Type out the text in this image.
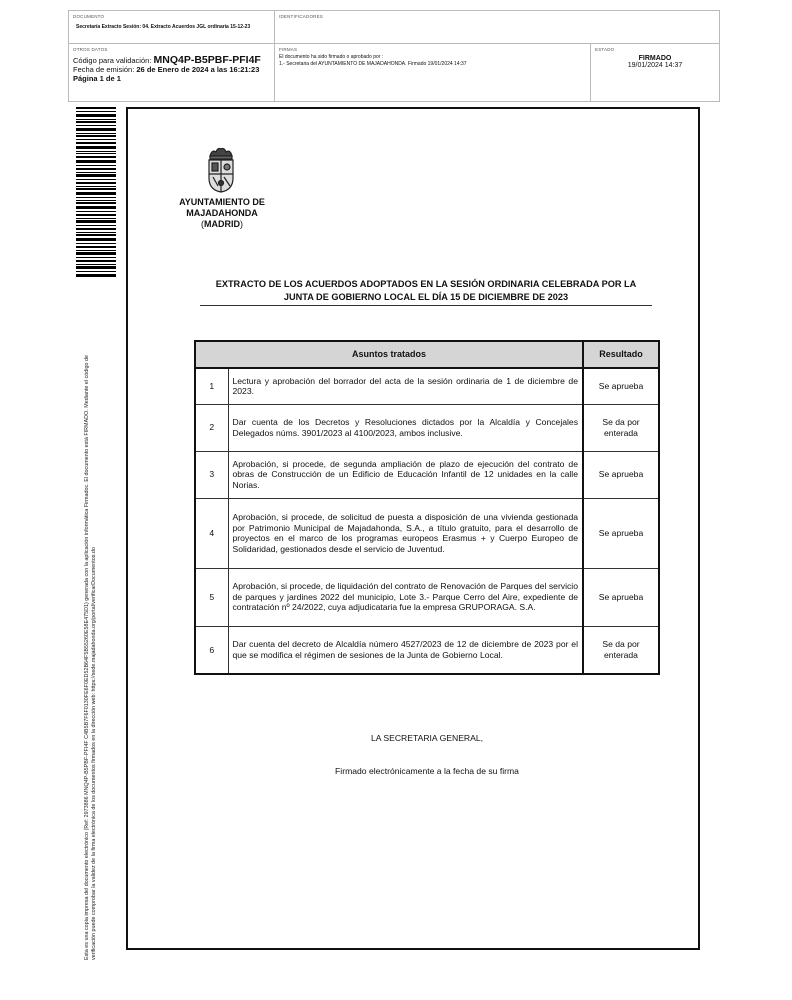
DOCUMENTO
Secretaría Extracto Sesión: 04. Extracto Acuerdos JGL ordinaria 15-12-23
IDENTIFICADORES
OTROS DATOS
Código para validación: MNQ4P-B5PBF-PFI4F
Fecha de emisión: 26 de Enero de 2024 a las 16:21:23
Página 1 de 1
FIRMAS
El documento ha sido firmado o aprobado por :
1.- Secretaria del AYUNTAMIENTO DE MAJADAHONDA. Firmado 19/01/2024 14:37
ESTADO
FIRMADO
19/01/2024 14:37
Esta es una copia impresa del documento electrónico (Ref: 2973886 MNQ4P-B5PBF-PFI4F C4B5B7F6F0130FE6F0ED52B64F5B55260E58E475D1) generada con la aplicación informática Firmadoc. El documento está FIRMADO. Mediante el código de verificación puede comprobar la validez de la firma electrónica de los documentos firmados en la dirección web: https://sede.majadahonda.org/portal/verificarDocumentos.do
AYUNTAMIENTO DE
MAJADAHONDA
(MADRID)
EXTRACTO DE LOS ACUERDOS ADOPTADOS EN LA SESIÓN ORDINARIA CELEBRADA POR LA
JUNTA DE GOBIERNO LOCAL EL DÍA 15 DE DICIEMBRE DE 2023
Asuntos tratados		Resultado
1	Lectura y aprobación del borrador del acta de la sesión ordinaria de 1 de diciembre de 2023.	Se aprueba
2	Dar cuenta de los Decretos y Resoluciones dictados por la Alcaldía y Concejales Delegados núms. 3901/2023 al 4100/2023, ambos inclusive.	Se da por enterada
3	Aprobación, si procede, de segunda ampliación de plazo de ejecución del contrato de obras de Construcción de un Edificio de Educación Infantil de 12 unidades en la calle Norias.	Se aprueba
4	Aprobación, si procede, de solicitud de puesta a disposición de una vivienda gestionada por Patrimonio Municipal de Majadahonda, S.A., a título gratuito, para el desarrollo de proyectos en el marco de los programas europeos Erasmus + y Cuerpo Europeo de Solidaridad, gestionados desde el servicio de Juventud.	Se aprueba
5	Aprobación, si procede, de liquidación del contrato de Renovación de Parques del servicio de parques y jardines 2022 del municipio, Lote 3.- Parque Cerro del Aire, expediente de contratación nº 24/2022, cuya adjudicataria fue la empresa GRUPORAGA. S.A.	Se aprueba
6	Dar cuenta del decreto de Alcaldía número 4527/2023 de 12 de diciembre de 2023 por el que se modifica el régimen de sesiones de la Junta de Gobierno Local.	Se da por enterada
LA SECRETARIA GENERAL,
Firmado electrónicamente a la fecha de su firma
